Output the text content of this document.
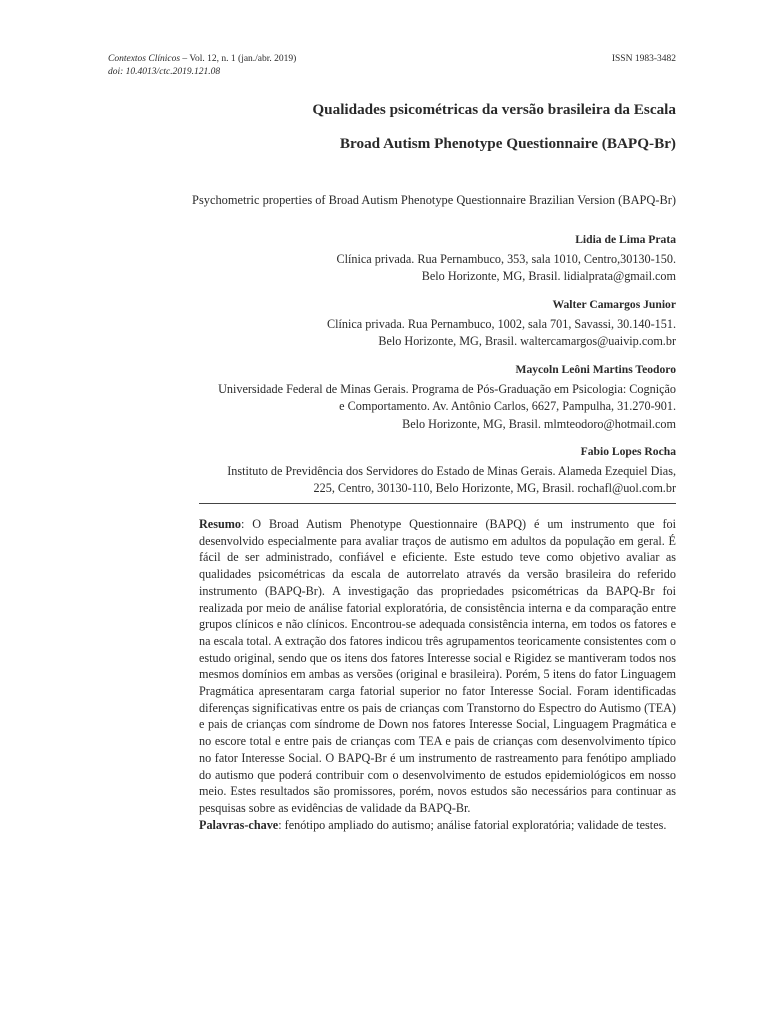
Contextos Clínicos – Vol. 12, n. 1 (jan./abr. 2019)	ISSN 1983-3482
doi: 10.4013/ctc.2019.121.08
Qualidades psicométricas da versão brasileira da Escala
Broad Autism Phenotype Questionnaire (BAPQ-Br)
Psychometric properties of Broad Autism Phenotype Questionnaire Brazilian Version (BAPQ-Br)
Lidia de Lima Prata
Clínica privada. Rua Pernambuco, 353, sala 1010, Centro,30130-150.
Belo Horizonte, MG, Brasil. lidialprata@gmail.com
Walter Camargos Junior
Clínica privada. Rua Pernambuco, 1002, sala 701, Savassi, 30.140-151.
Belo Horizonte, MG, Brasil. waltercamargos@uaivip.com.br
Maycoln Leôni Martins Teodoro
Universidade Federal de Minas Gerais. Programa de Pós-Graduação em Psicologia: Cognição
e Comportamento. Av. Antônio Carlos, 6627, Pampulha, 31.270-901.
Belo Horizonte, MG, Brasil. mlmteodoro@hotmail.com
Fabio Lopes Rocha
Instituto de Previdência dos Servidores do Estado de Minas Gerais. Alameda Ezequiel Dias,
225, Centro, 30130-110, Belo Horizonte, MG, Brasil. rochafl@uol.com.br

Resumo: O Broad Autism Phenotype Questionnaire (BAPQ) é um instrumento que foi desenvolvido especialmente para avaliar traços de autismo em adultos da população em geral. É fácil de ser administrado, confiável e eficiente. Este estudo teve como objetivo avaliar as qualidades psicométricas da escala de autorrelato através da versão brasileira do referido instrumento (BAPQ-Br). A investigação das propriedades psicométricas da BAPQ-Br foi realizada por meio de análise fatorial exploratória, de consistência interna e da comparação entre grupos clínicos e não clínicos. Encontrou-se adequada consistência interna, em todos os fatores e na escala total. A extração dos fatores indicou três agrupamentos teoricamente consistentes com o estudo original, sendo que os itens dos fatores Interesse social e Rigidez se mantiveram todos nos mesmos domínios em ambas as versões (original e brasileira). Porém, 5 itens do fator Linguagem Pragmática apresentaram carga fatorial superior no fator Interesse Social. Foram identificadas diferenças significativas entre os pais de crianças com Transtorno do Espectro do Autismo (TEA) e pais de crianças com síndrome de Down nos fatores Interesse Social, Linguagem Pragmática e no escore total e entre pais de crianças com TEA e pais de crianças com desenvolvimento típico no fator Interesse Social. O BAPQ-Br é um instrumento de rastreamento para fenótipo ampliado do autismo que poderá contribuir com o desenvolvimento de estudos epidemiológicos em nosso meio. Estes resultados são promissores, porém, novos estudos são necessários para continuar as pesquisas sobre as evidências de validade da BAPQ-Br.

Palavras-chave: fenótipo ampliado do autismo; análise fatorial exploratória; validade de testes.
